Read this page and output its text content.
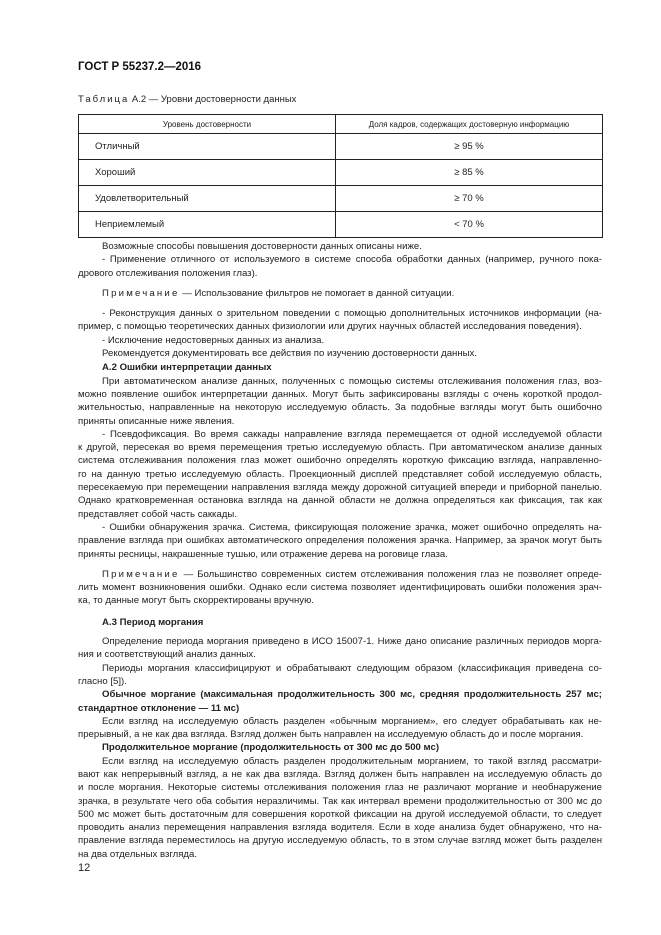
ГОСТ Р 55237.2—2016
Таблица А.2 — Уровни достоверности данных
Уровень достоверности	Доля кадров, содержащих достоверную информацию
Отличный	≥ 95 %
Хороший	≥ 85 %
Удовлетворительный	≥ 70 %
Неприемлемый	< 70 %
Возможные способы повышения достоверности данных описаны ниже.
- Применение отличного от используемого в системе способа обработки данных (например, ручного пока-
дрового отслеживания положения глаз).
Примечание — Использование фильтров не помогает в данной ситуации.
- Реконструкция данных о зрительном поведении с помощью дополнительных источников информации (на-
пример, с помощью теоретических данных физиологии или других научных областей исследования поведения).
- Исключение недостоверных данных из анализа.
Рекомендуется документировать все действия по изучению достоверности данных.
А.2 Ошибки интерпретации данных
При автоматическом анализе данных, полученных с помощью системы отслеживания положения глаз, воз-
можно появление ошибок интерпретации данных. Могут быть зафиксированы взгляды с очень короткой продол-
жительностью, направленные на некоторую исследуемую область. За подобные взгляды могут быть ошибочно
приняты описанные ниже явления.
- Псевдофиксация. Во время саккады направление взгляда перемещается от одной исследуемой области
к другой, пересекая во время перемещения третью исследуемую область. При автоматическом анализе данных
система отслеживания положения глаз может ошибочно определять короткую фиксацию взгляда, направленно-
го на данную третью исследуемую область. Проекционный дисплей представляет собой исследуемую область,
пересекаемую при перемещении направления взгляда между дорожной ситуацией впереди и приборной панелью.
Однако кратковременная остановка взгляда на данной области не должна определяться как фиксация, так как
представляет собой часть саккады.
- Ошибки обнаружения зрачка. Система, фиксирующая положение зрачка, может ошибочно определять на-
правление взгляда при ошибках автоматического определения положения зрачка. Например, за зрачок могут быть
приняты ресницы, накрашенные тушью, или отражение дерева на роговице глаза.
Примечание — Большинство современных систем отслеживания положения глаз не позволяет опреде-
лить момент возникновения ошибки. Однако если система позволяет идентифицировать ошибки положения зрач-
ка, то данные могут быть скорректированы вручную.
А.3 Период моргания
Определение периода моргания приведено в ИСО 15007-1. Ниже дано описание различных периодов морга-
ния и соответствующий анализ данных.
Периоды моргания классифицируют и обрабатывают следующим образом (классификация приведена со-
гласно [5]).
Обычное моргание (максимальная продолжительность 300 мс, средняя продолжительность 257 мс;
стандартное отклонение — 11 мс)
Если взгляд на исследуемую область разделен «обычным морганием», его следует обрабатывать как не-
прерывный, а не как два взгляда. Взгляд должен быть направлен на исследуемую область до и после моргания.
Продолжительное моргание (продолжительность от 300 мс до 500 мс)
Если взгляд на исследуемую область разделен продолжительным морганием, то такой взгляд рассматри-
вают как непрерывный взгляд, а не как два взгляда. Взгляд должен быть направлен на исследуемую область до
и после моргания. Некоторые системы отслеживания положения глаз не различают моргание и необнаружение
зрачка, в результате чего оба события неразличимы. Так как интервал времени продолжительностью от 300 мс до
500 мс может быть достаточным для совершения короткой фиксации на другой исследуемой области, то следует
проводить анализ перемещения направления взгляда водителя. Если в ходе анализа будет обнаружено, что на-
правление взгляда переместилось на другую исследуемую область, то в этом случае взгляд может быть разделен
на два отдельных взгляда.
12
